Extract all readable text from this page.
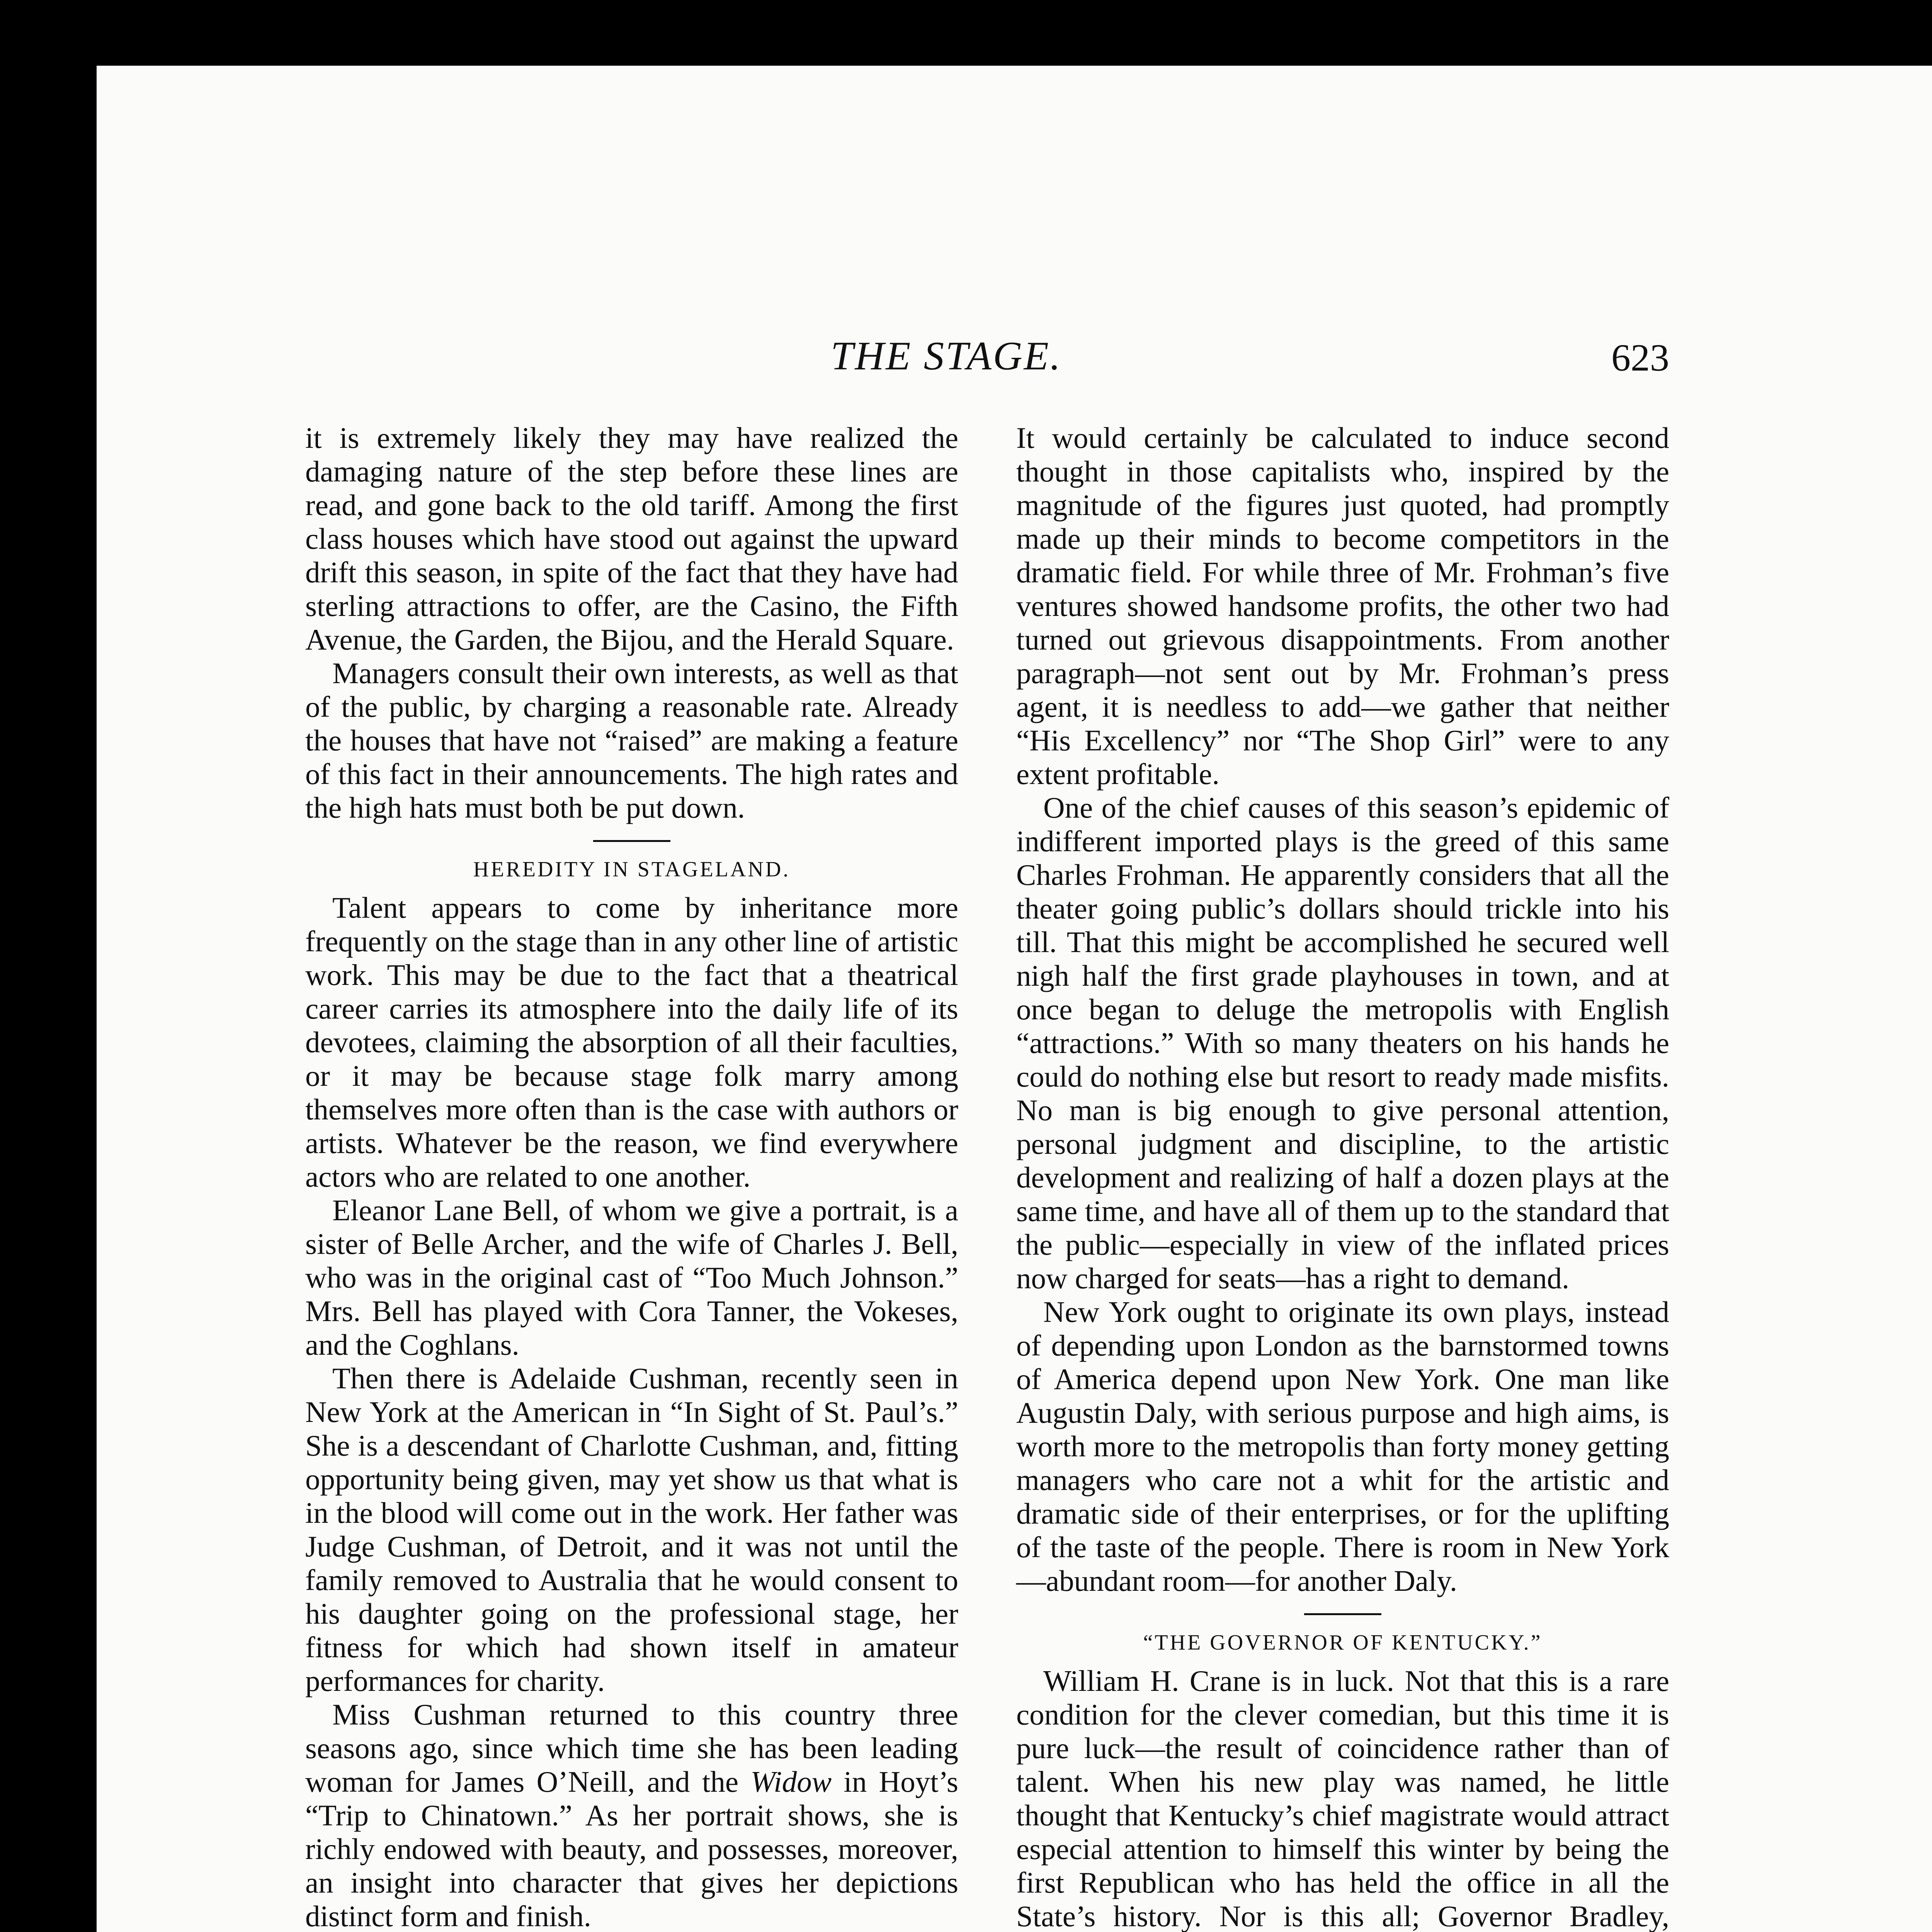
THE STAGE.	623

it is extremely likely they may have realized the damaging nature of the step before these lines are read, and gone back to the old tariff. Among the first class houses which have stood out against the upward drift this season, in spite of the fact that they have had sterling attractions to offer, are the Casino, the Fifth Avenue, the Garden, the Bijou, and the Herald Square.

Managers consult their own interests, as well as that of the public, by charging a reasonable rate. Already the houses that have not “raised” are making a feature of this fact in their announcements. The high rates and the high hats must both be put down.

HEREDITY IN STAGELAND.

Talent appears to come by inheritance more frequently on the stage than in any other line of artistic work. This may be due to the fact that a theatrical career carries its atmosphere into the daily life of its devotees, claiming the absorption of all their faculties, or it may be because stage folk marry among themselves more often than is the case with authors or artists. Whatever be the reason, we find everywhere actors who are related to one another.

Eleanor Lane Bell, of whom we give a portrait, is a sister of Belle Archer, and the wife of Charles J. Bell, who was in the original cast of “Too Much Johnson.” Mrs. Bell has played with Cora Tanner, the Vokeses, and the Coghlans.

Then there is Adelaide Cushman, recently seen in New York at the American in “In Sight of St. Paul’s.” She is a descendant of Charlotte Cushman, and, fitting opportunity being given, may yet show us that what is in the blood will come out in the work. Her father was Judge Cushman, of Detroit, and it was not until the family removed to Australia that he would consent to his daughter going on the professional stage, her fitness for which had shown itself in amateur performances for charity.

Miss Cushman returned to this country three seasons ago, since which time she has been leading woman for James O’Neill, and the Widow in Hoyt’s “Trip to Chinatown.” As her portrait shows, she is richly endowed with beauty, and possesses, moreover, an insight into character that gives her depictions distinct form and finish.

It would certainly be calculated to induce second thought in those capitalists who, inspired by the magnitude of the figures just quoted, had promptly made up their minds to become competitors in the dramatic field. For while three of Mr. Frohman’s five ventures showed handsome profits, the other two had turned out grievous disappointments. From another paragraph—not sent out by Mr. Frohman’s press agent, it is needless to add—we gather that neither “His Excellency” nor “The Shop Girl” were to any extent profitable.

One of the chief causes of this season’s epidemic of indifferent imported plays is the greed of this same Charles Frohman. He apparently considers that all the theater going public’s dollars should trickle into his till. That this might be accomplished he secured well nigh half the first grade playhouses in town, and at once began to deluge the metropolis with English “attractions.” With so many theaters on his hands he could do nothing else but resort to ready made misfits. No man is big enough to give personal attention, personal judgment and discipline, to the artistic development and realizing of half a dozen plays at the same time, and have all of them up to the standard that the public—especially in view of the inflated prices now charged for seats—has a right to demand.

New York ought to originate its own plays, instead of depending upon London as the barnstormed towns of America depend upon New York. One man like Augustin Daly, with serious purpose and high aims, is worth more to the metropolis than forty money getting managers who care not a whit for the artistic and dramatic side of their enterprises, or for the uplifting of the taste of the people. There is room in New York—abundant room—for another Daly.

“THE GOVERNOR OF KENTUCKY.”

William H. Crane is in luck. Not that this is a rare condition for the clever comedian, but this time it is pure luck—the result of coincidence rather than of talent. When his new play was named, he little thought that Kentucky’s chief magistrate would attract especial attention to himself this winter by being the first Republican who has held the office in all the State’s history. Nor is this all; Governor Bradley,
